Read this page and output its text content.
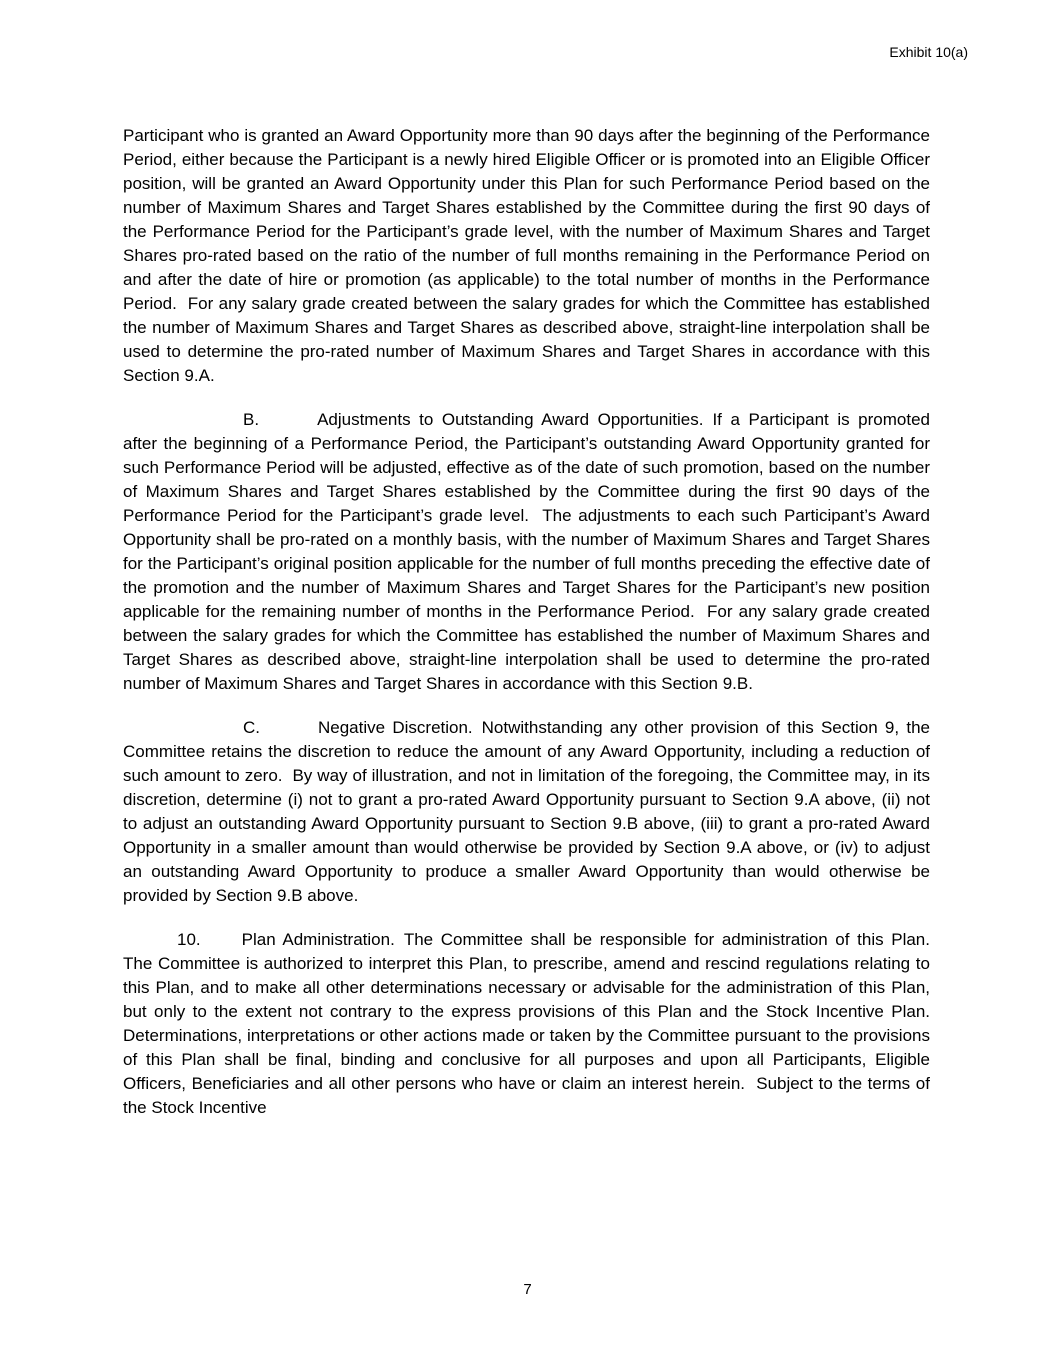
Exhibit 10(a)

Participant who is granted an Award Opportunity more than 90 days after the beginning of the Performance Period, either because the Participant is a newly hired Eligible Officer or is promoted into an Eligible Officer position, will be granted an Award Opportunity under this Plan for such Performance Period based on the number of Maximum Shares and Target Shares established by the Committee during the first 90 days of the Performance Period for the Participant’s grade level, with the number of Maximum Shares and Target Shares pro-rated based on the ratio of the number of full months remaining in the Performance Period on and after the date of hire or promotion (as applicable) to the total number of months in the Performance Period.  For any salary grade created between the salary grades for which the Committee has established the number of Maximum Shares and Target Shares as described above, straight-line interpolation shall be used to determine the pro-rated number of Maximum Shares and Target Shares in accordance with this Section 9.A.

B.	Adjustments to Outstanding Award Opportunities. If a Participant is promoted after the beginning of a Performance Period, the Participant’s outstanding Award Opportunity granted for such Performance Period will be adjusted, effective as of the date of such promotion, based on the number of Maximum Shares and Target Shares established by the Committee during the first 90 days of the Performance Period for the Participant’s grade level.  The adjustments to each such Participant’s Award Opportunity shall be pro-rated on a monthly basis, with the number of Maximum Shares and Target Shares for the Participant’s original position applicable for the number of full months preceding the effective date of the promotion and the number of Maximum Shares and Target Shares for the Participant’s new position applicable for the remaining number of months in the Performance Period.  For any salary grade created between the salary grades for which the Committee has established the number of Maximum Shares and Target Shares as described above, straight-line interpolation shall be used to determine the pro-rated number of Maximum Shares and Target Shares in accordance with this Section 9.B.

C.	Negative Discretion. Notwithstanding any other provision of this Section 9, the Committee retains the discretion to reduce the amount of any Award Opportunity, including a reduction of such amount to zero.  By way of illustration, and not in limitation of the foregoing, the Committee may, in its discretion, determine (i) not to grant a pro-rated Award Opportunity pursuant to Section 9.A above, (ii) not to adjust an outstanding Award Opportunity pursuant to Section 9.B above, (iii) to grant a pro-rated Award Opportunity in a smaller amount than would otherwise be provided by Section 9.A above, or (iv) to adjust an outstanding Award Opportunity to produce a smaller Award Opportunity than would otherwise be provided by Section 9.B above.

10. Plan Administration. The Committee shall be responsible for administration of this Plan.  The Committee is authorized to interpret this Plan, to prescribe, amend and rescind regulations relating to this Plan, and to make all other determinations necessary or advisable for the administration of this Plan, but only to the extent not contrary to the express provisions of this Plan and the Stock Incentive Plan.  Determinations, interpretations or other actions made or taken by the Committee pursuant to the provisions of this Plan shall be final, binding and conclusive for all purposes and upon all Participants, Eligible Officers, Beneficiaries and all other persons who have or claim an interest herein.  Subject to the terms of the Stock Incentive

7
